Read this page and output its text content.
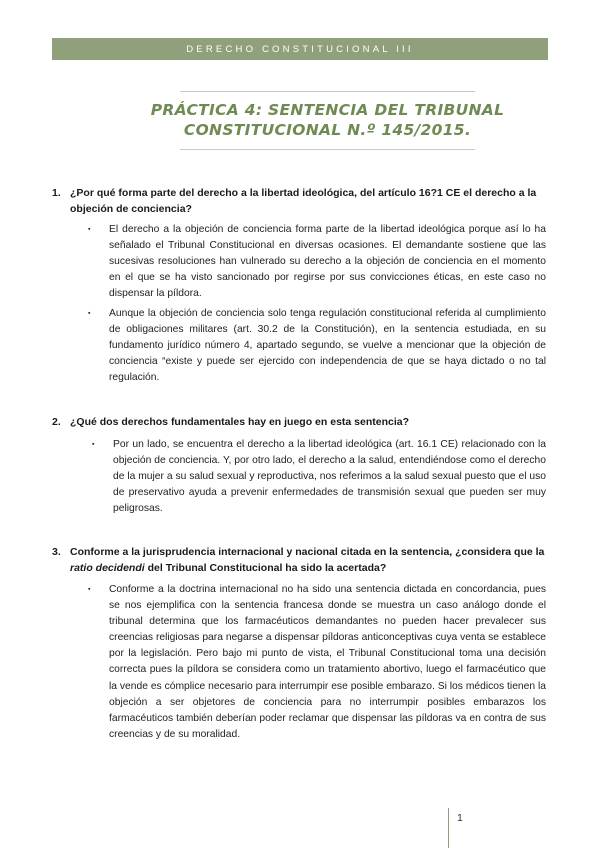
DERECHO CONSTITUCIONAL III
PRÁCTICA 4: SENTENCIA DEL TRIBUNAL
CONSTITUCIONAL N.º 145/2015.
1. ¿Por qué forma parte del derecho a la libertad ideológica, del artículo 16?1 CE el derecho a la objeción de conciencia?
▪ El derecho a la objeción de conciencia forma parte de la libertad ideológica porque así lo ha señalado el Tribunal Constitucional en diversas ocasiones. El demandante sostiene que las sucesivas resoluciones han vulnerado su derecho a la objeción de conciencia en el momento en el que se ha visto sancionado por regirse por sus convicciones éticas, en este caso no dispensar la píldora.
▪ Aunque la objeción de conciencia solo tenga regulación constitucional referida al cumplimiento de obligaciones militares (art. 30.2 de la Constitución), en la sentencia estudiada, en su fundamento jurídico número 4, apartado segundo, se vuelve a mencionar que la objeción de conciencia “existe y puede ser ejercido con independencia de que se haya dictado o no tal regulación.
2. ¿Qué dos derechos fundamentales hay en juego en esta sentencia?
▪ Por un lado, se encuentra el derecho a la libertad ideológica (art. 16.1 CE) relacionado con la objeción de conciencia. Y, por otro lado, el derecho a la salud, entendiéndose como el derecho de la mujer a su salud sexual y reproductiva, nos referimos a la salud sexual puesto que el uso de preservativo ayuda a prevenir enfermedades de transmisión sexual que pueden ser muy peligrosas.
3. Conforme a la jurisprudencia internacional y nacional citada en la sentencia, ¿considera que la ratio decidendi del Tribunal Constitucional ha sido la acertada?
▪ Conforme a la doctrina internacional no ha sido una sentencia dictada en concordancia, pues se nos ejemplifica con la sentencia francesa donde se muestra un caso análogo donde el tribunal determina que los farmacéuticos demandantes no pueden hacer prevalecer sus creencias religiosas para negarse a dispensar píldoras anticonceptivas cuya venta se establece por la legislación. Pero bajo mi punto de vista, el Tribunal Constitucional toma una decisión correcta pues la píldora se considera como un tratamiento abortivo, luego el farmacéutico que la vende es cómplice necesario para interrumpir ese posible embarazo. Si los médicos tienen la objeción a ser objetores de conciencia para no interrumpir posibles embarazos los farmacéuticos también deberían poder reclamar que dispensar las píldoras va en contra de sus creencias y de su moralidad.
1
